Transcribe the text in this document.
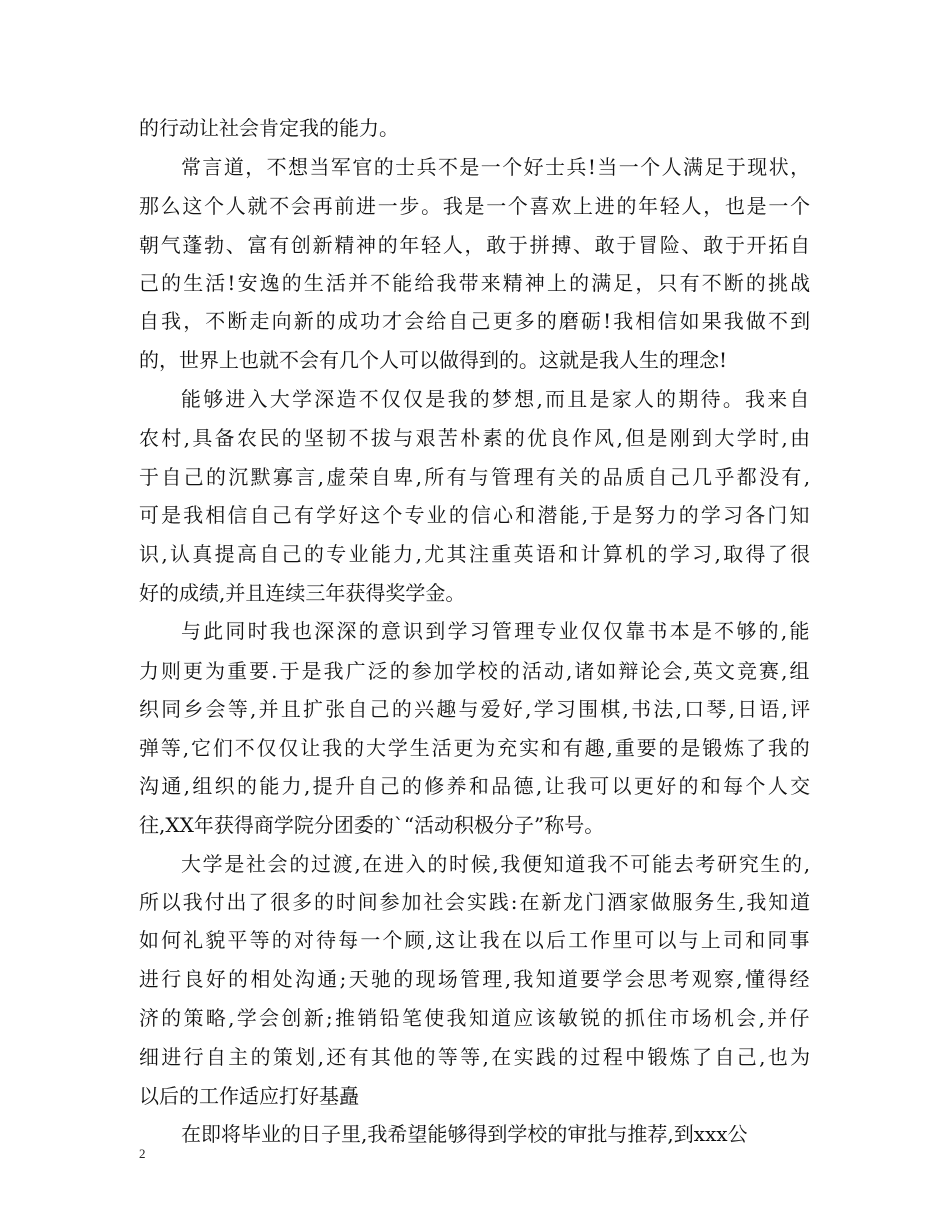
的行动让社会肯定我的能力。
常言道，不想当军官的士兵不是一个好士兵!当一个人满足于现状，
那么这个人就不会再前进一步。我是一个喜欢上进的年轻人，也是一个
朝气蓬勃、富有创新精神的年轻人，敢于拼搏、敢于冒险、敢于开拓自
己的生活!安逸的生活并不能给我带来精神上的满足，只有不断的挑战
自我，不断走向新的成功才会给自己更多的磨砺!我相信如果我做不到
的，世界上也就不会有几个人可以做得到的。这就是我人生的理念!
能够进入大学深造不仅仅是我的梦想,而且是家人的期待。我来自
农村,具备农民的坚韧不拔与艰苦朴素的优良作风,但是刚到大学时,由
于自己的沉默寡言,虚荣自卑,所有与管理有关的品质自己几乎都没有,
可是我相信自己有学好这个专业的信心和潜能,于是努力的学习各门知
识,认真提高自己的专业能力,尤其注重英语和计算机的学习,取得了很
好的成绩,并且连续三年获得奖学金。
与此同时我也深深的意识到学习管理专业仅仅靠书本是不够的,能
力则更为重要.于是我广泛的参加学校的活动,诸如辩论会,英文竞赛,组
织同乡会等,并且扩张自己的兴趣与爱好,学习围棋,书法,口琴,日语,评
弹等,它们不仅仅让我的大学生活更为充实和有趣,重要的是锻炼了我的
沟通,组织的能力,提升自己的修养和品德,让我可以更好的和每个人交
往,XX年获得商学院分团委的`“活动积极分子”称号。
大学是社会的过渡,在进入的时候,我便知道我不可能去考研究生的,
所以我付出了很多的时间参加社会实践:在新龙门酒家做服务生,我知道
如何礼貌平等的对待每一个顾,这让我在以后工作里可以与上司和同事
进行良好的相处沟通;天驰的现场管理,我知道要学会思考观察,懂得经
济的策略,学会创新;推销铅笔使我知道应该敏锐的抓住市场机会,并仔
细进行自主的策划,还有其他的等等,在实践的过程中锻炼了自己,也为
以后的工作适应打好基矗
在即将毕业的日子里,我希望能够得到学校的审批与推荐,到xxx公
2
